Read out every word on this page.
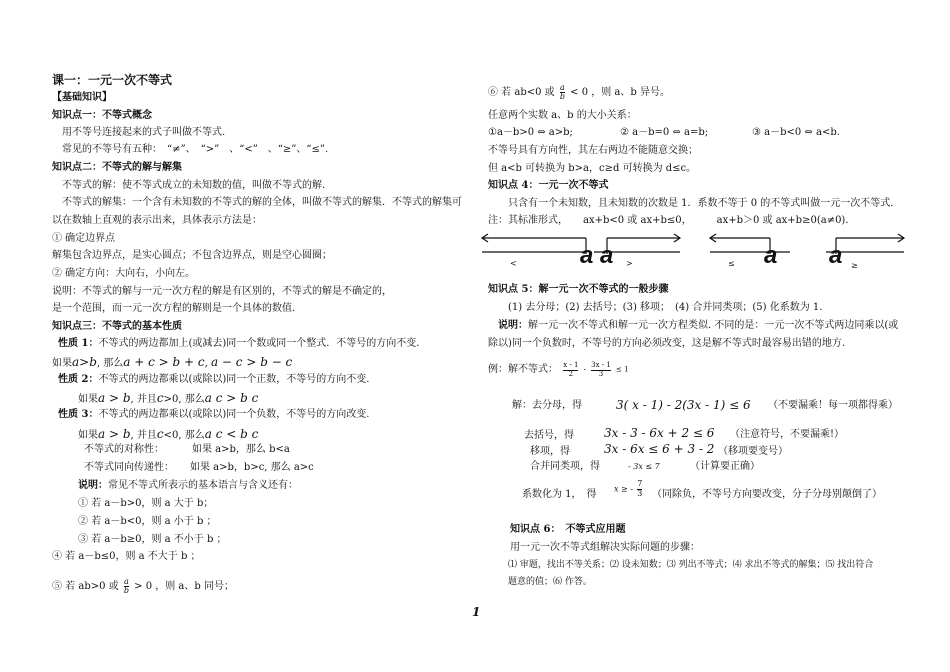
课一：一元一次不等式
【基础知识】
知识点一：不等式概念
用不等号连接起来的式子叫做不等式.
常见的不等号有五种：　“≠”、　“>”　、“<”　、“≥”、“≤”.
知识点二：不等式的解与解集
不等式的解：使不等式成立的未知数的值，叫做不等式的解.
不等式的解集：一个含有未知数的不等式的解的全体，叫做不等式的解集．不等式的解集可
以在数轴上直观的表示出来，具体表示方法是：
① 确定边界点
解集包含边界点，是实心圆点；不包含边界点，则是空心圆圈；
② 确定方向：大向右，小向左。
说明：不等式的解与一元一次方程的解是有区别的，不等式的解是不确定的，
是一个范围，而一元一次方程的解则是一个具体的数值.
知识点三：不等式的基本性质
性质 1：不等式的两边都加上(或减去)同一个数或同一个整式．不等号的方向不变．
如果a>b, 那么a + c > b + c, a − c > b − c
性质 2：不等式的两边都乘以(或除以)同一个正数，不等号的方向不变.
如果a > b, 并且c>0, 那么a c > b c
性质 3：不等式的两边都乘以(或除以)同一个负数，不等号的方向改变.
如果a > b, 并且c<0, 那么a c < b c
不等式的对称性：	如果 a>b，那么 b<a
不等式同向传递性： 如果 a>b，b>c, 那么 a>c
说明：常见不等式所表示的基本语言与含义还有：
① 若 a－b>0，则 a 大于 b；
② 若 a－b<0，则 a 小于 b ；
③ 若 a－b≥0，则 a 不小于 b ；
④ 若 a－b≤0，则 a 不大于 b ；
⑤ 若 ab>0 或 $\frac{a}{b} > 0$ ，则 a、b 同号；
⑥ 若 ab<0 或 $\frac{a}{b} < 0$ ，则 a、b 异号。
任意两个实数 a、b 的大小关系：
①a－b>0 ⇔ a>b;	② a－b=0 ⇔ a=b;	③ a－b<0 ⇔ a<b.
不等号具有方向性，其左右两边不能随意交换；
但 a<b 可转换为 b>a，c≥d 可转换为 d≤c。
知识点 4：一元一次不等式
只含有一个未知数，且未知数的次数是 1．系数不等于 0 的不等式叫做一元一次不等式．
注：其标准形式，　　ax+b<0 或 ax+b≤0，　　　ax+b＞0 或 ax+b≥0(a≠0)．
a a	a a
<	>	≤	≥
知识点 5：解一元一次不等式的一般步骤
(1) 去分母；(2) 去括号；(3) 移项；　(4) 合并同类项；(5) 化系数为 1.
说明：解一元一次不等式和解一元一次方程类似. 不同的是：一元一次不等式两边同乘以(或
除以)同一个负数时，不等号的方向必须改变，这是解不等式时最容易出错的地方.
例：解不等式： $\frac{x - 1}{2} - \frac{3x - 1}{3} \le 1$
解：去分母，得	3( x - 1) - 2(3x - 1) ≤ 6 （不要漏乘！每一项都得乘）
去括号，得	3x - 3 - 6x + 2 ≤ 6 （注意符号，不要漏乘!）
移项，得	3x - 6x ≤ 6 + 3 - 2 （移项要变号）
合并同类项，得	- 3x ≤ 7	（计算要正确）
系数化为 1，　得
x ≥ - $\frac{7}{3}$ （同除负，不等号方向要改变，分子分母别颠倒了）
知识点 6：　不等式应用题
用一元一次不等式组解决实际问题的步骤：
⑴ 审题，找出不等关系；⑵ 设未知数；⑶ 列出不等式；⑷ 求出不等式的解集；⑸ 找出符合
题意的值；⑹ 作答。
1
